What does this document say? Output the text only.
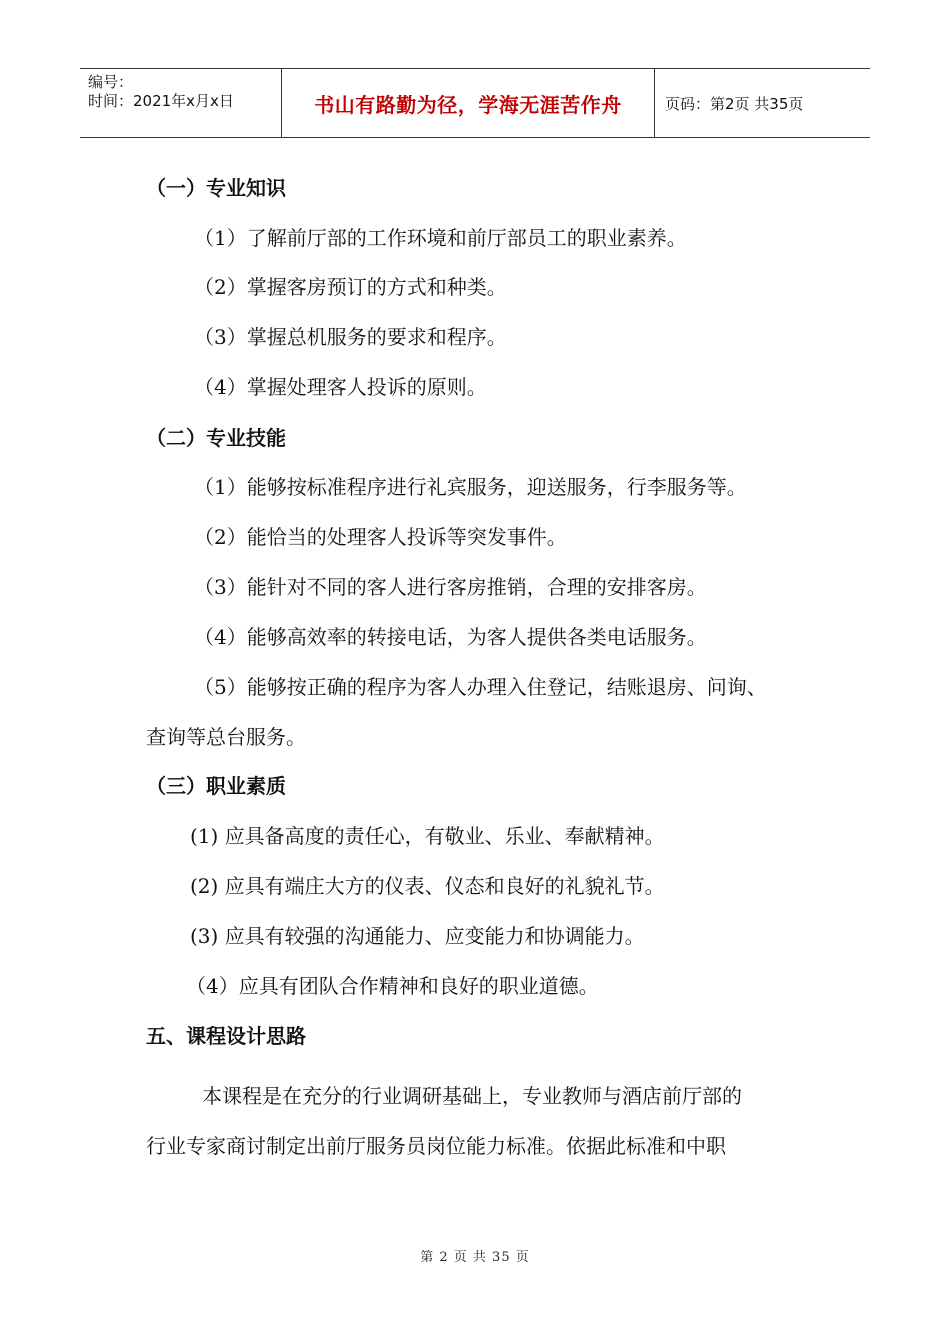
编号：
时间：2021年x月x日	书山有路勤为径，学海无涯苦作舟	页码：第2页 共35页
（一）专业知识
（1）了解前厅部的工作环境和前厅部员工的职业素养。
（2）掌握客房预订的方式和种类。
（3）掌握总机服务的要求和程序。
（4）掌握处理客人投诉的原则。
（二）专业技能
（1）能够按标准程序进行礼宾服务，迎送服务，行李服务等。
（2）能恰当的处理客人投诉等突发事件。
（3）能针对不同的客人进行客房推销，合理的安排客房。
（4）能够高效率的转接电话，为客人提供各类电话服务。
（5）能够按正确的程序为客人办理入住登记，结账退房、问询、
查询等总台服务。
（三）职业素质
(1) 应具备高度的责任心，有敬业、乐业、奉献精神。
(2) 应具有端庄大方的仪表、仪态和良好的礼貌礼节。
(3) 应具有较强的沟通能力、应变能力和协调能力。
（4）应具有团队合作精神和良好的职业道德。
五、课程设计思路
本课程是在充分的行业调研基础上，专业教师与酒店前厅部的
行业专家商讨制定出前厅服务员岗位能力标准。依据此标准和中职
第 2 页 共 35 页
